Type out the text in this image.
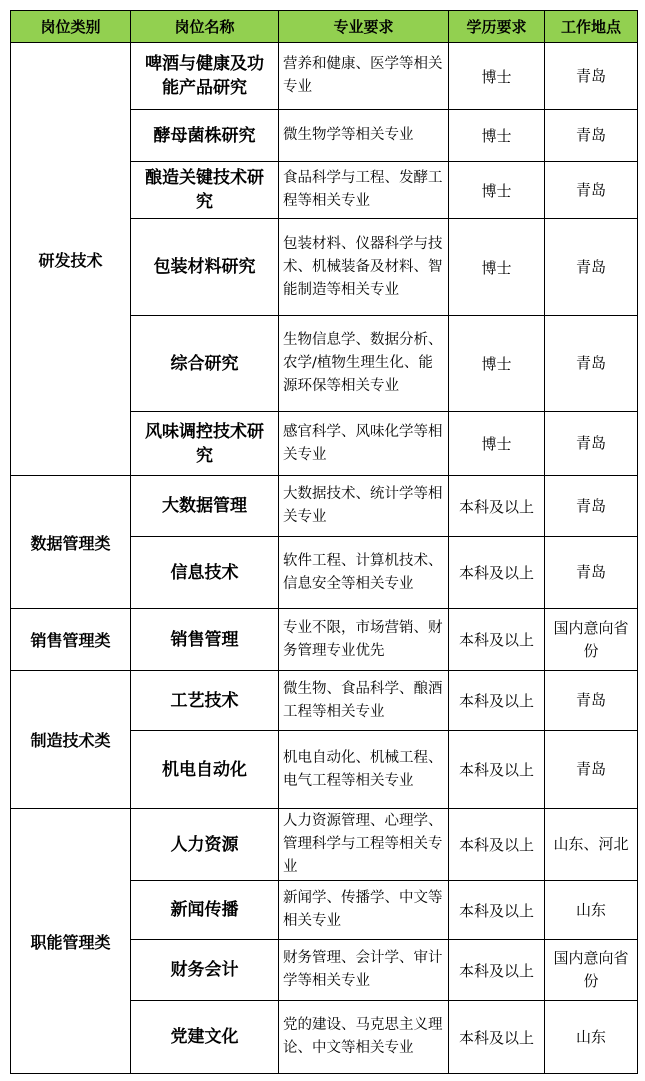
岗位类别	岗位名称	专业要求	学历要求	工作地点
研发技术	啤酒与健康及功能产品研究	营养和健康、医学等相关专业	博士	青岛
	酵母菌株研究	微生物学等相关专业	博士	青岛
	酿造关键技术研究	食品科学与工程、发酵工程等相关专业	博士	青岛
	包装材料研究	包装材料、仪器科学与技术、机械装备及材料、智能制造等相关专业	博士	青岛
	综合研究	生物信息学、数据分析、农学/植物生理生化、能源环保等相关专业	博士	青岛
	风味调控技术研究	感官科学、风味化学等相关专业	博士	青岛
数据管理类	大数据管理	大数据技术、统计学等相关专业	本科及以上	青岛
	信息技术	软件工程、计算机技术、信息安全等相关专业	本科及以上	青岛
销售管理类	销售管理	专业不限，市场营销、财务管理专业优先	本科及以上	国内意向省份
制造技术类	工艺技术	微生物、食品科学、酿酒工程等相关专业	本科及以上	青岛
	机电自动化	机电自动化、机械工程、电气工程等相关专业	本科及以上	青岛
职能管理类	人力资源	人力资源管理、心理学、管理科学与工程等相关专业	本科及以上	山东、河北
	新闻传播	新闻学、传播学、中文等相关专业	本科及以上	山东
	财务会计	财务管理、会计学、审计学等相关专业	本科及以上	国内意向省份
	党建文化	党的建设、马克思主义理论、中文等相关专业	本科及以上	山东
